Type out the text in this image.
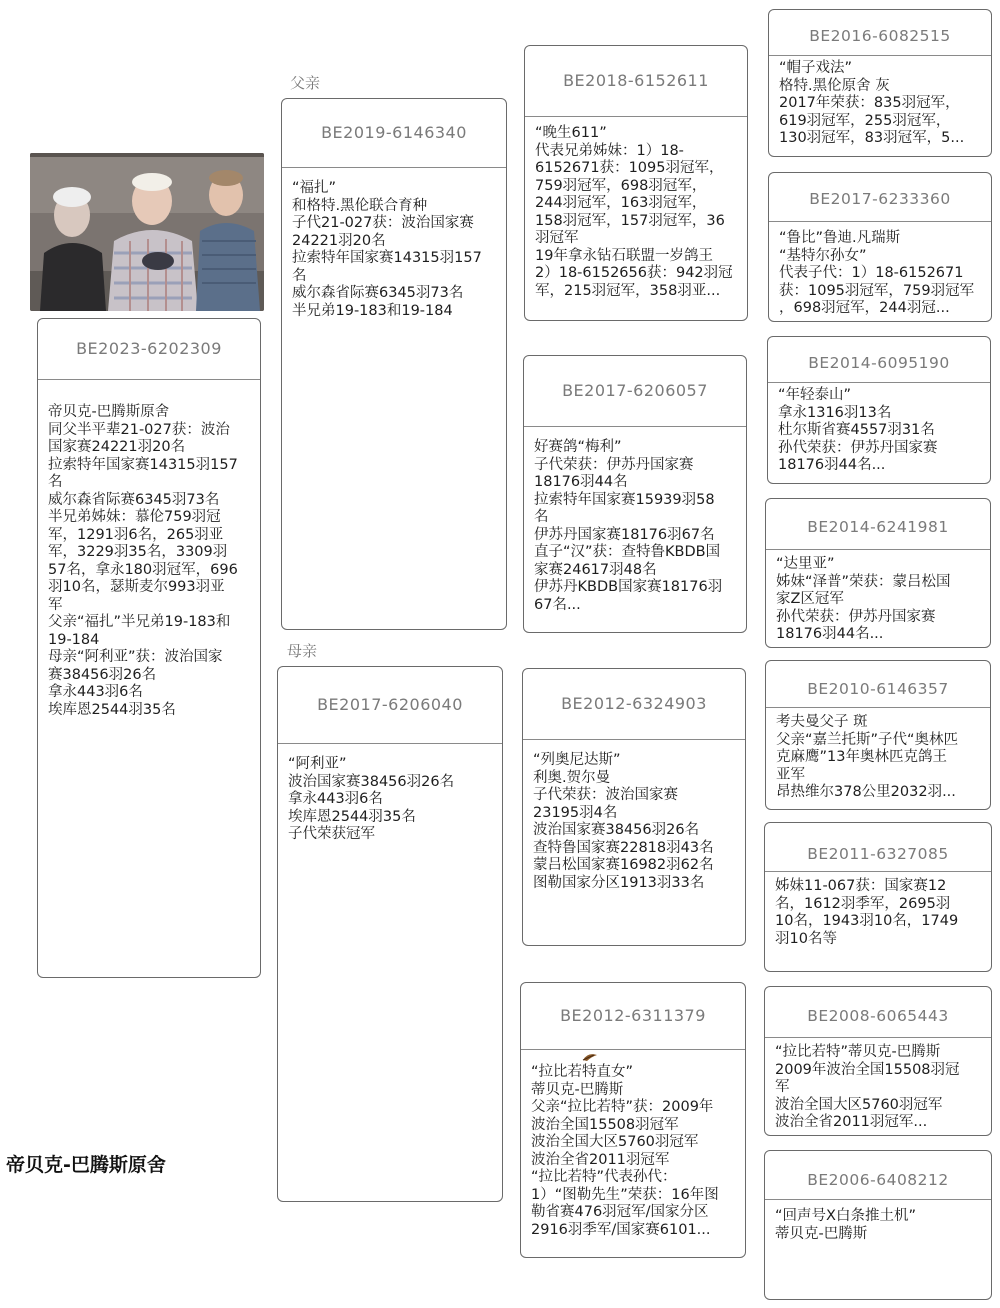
父亲
母亲
帝贝克-巴腾斯原舍
BE2023-6202309
帝贝克-巴腾斯原舍
同父半平辈21-027获：波治
国家赛24221羽20名
拉索特年国家赛14315羽157
名
威尔森省际赛6345羽73名
半兄弟姊妹：慕伦759羽冠
军，1291羽6名，265羽亚
军，3229羽35名，3309羽
57名，拿永180羽冠军，696
羽10名，瑟斯麦尔993羽亚
军
父亲“福扎”半兄弟19-183和
19-184
母亲“阿利亚”获：波治国家
赛38456羽26名
拿永443羽6名
埃库恩2544羽35名
BE2019-6146340
“福扎”
和格特.黑伦联合育种
子代21-027获：波治国家赛
24221羽20名
拉索特年国家赛14315羽157
名
威尔森省际赛6345羽73名
半兄弟19-183和19-184
BE2017-6206040
“阿利亚”
波治国家赛38456羽26名
拿永443羽6名
埃库恩2544羽35名
子代荣获冠军
BE2018-6152611
“晚生611”
代表兄弟姊妹：1）18-
6152671获：1095羽冠军，
759羽冠军，698羽冠军，
244羽冠军，163羽冠军，
158羽冠军，157羽冠军，36
羽冠军
19年拿永钻石联盟一岁鸽王
2）18-6152656获：942羽冠
军，215羽冠军，358羽亚...
BE2017-6206057
好赛鸽“梅利”
子代荣获：伊苏丹国家赛
18176羽44名
拉索特年国家赛15939羽58
名
伊苏丹国家赛18176羽67名
直子“汉”获：查特鲁KBDB国
家赛24617羽48名
伊苏丹KBDB国家赛18176羽
67名...
BE2012-6324903
“列奥尼达斯”
利奥.贺尔曼
子代荣获：波治国家赛
23195羽4名
波治国家赛38456羽26名
查特鲁国家赛22818羽43名
蒙吕松国家赛16982羽62名
图勒国家分区1913羽33名
BE2012-6311379
“拉比若特直女”
蒂贝克-巴腾斯
父亲“拉比若特”获：2009年
波治全国15508羽冠军
波治全国大区5760羽冠军
波治全省2011羽冠军
“拉比若特”代表孙代：
1）“图勒先生”荣获：16年图
勒省赛476羽冠军/国家分区
2916羽季军/国家赛6101...
BE2016-6082515
“帽子戏法”
格特.黑伦原舍 灰
2017年荣获：835羽冠军，
619羽冠军，255羽冠军，
130羽冠军，83羽冠军，5...
BE2017-6233360
“鲁比”鲁迪.凡瑞斯
“基特尔孙女”
代表子代：1）18-6152671
获：1095羽冠军，759羽冠军
，698羽冠军，244羽冠...
BE2014-6095190
“年轻泰山”
拿永1316羽13名
杜尔斯省赛4557羽31名
孙代荣获：伊苏丹国家赛
18176羽44名...
BE2014-6241981
“达里亚”
姊妹“泽普”荣获：蒙吕松国
家Z区冠军
孙代荣获：伊苏丹国家赛
18176羽44名...
BE2010-6146357
考夫曼父子 斑
父亲“嘉兰托斯”子代“奥林匹
克麻鹰”13年奥林匹克鸽王
亚军
昂热维尔378公里2032羽...
BE2011-6327085
姊妹11-067获：国家赛12
名，1612羽季军，2695羽
10名，1943羽10名，1749
羽10名等
BE2008-6065443
“拉比若特”蒂贝克-巴腾斯
2009年波治全国15508羽冠
军
波治全国大区5760羽冠军
波治全省2011羽冠军...
BE2006-6408212
“回声号X白条推土机”
蒂贝克-巴腾斯
